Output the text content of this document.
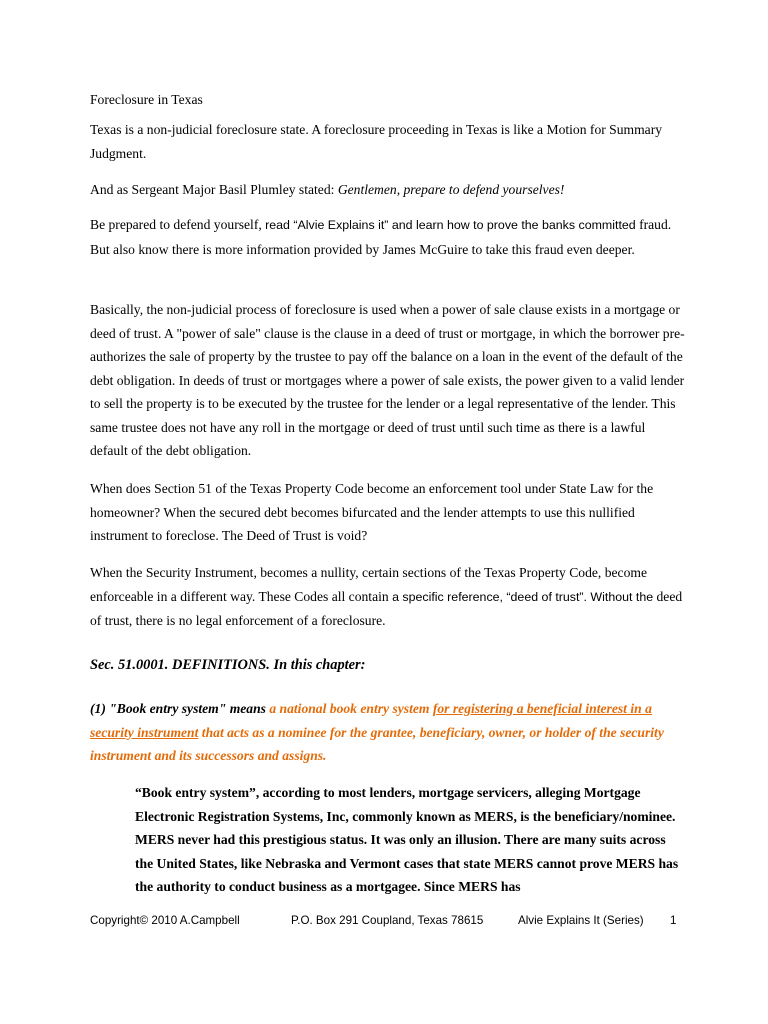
Foreclosure in Texas

Texas is a non-judicial foreclosure state. A foreclosure proceeding in Texas is like a Motion for Summary Judgment.

And as Sergeant Major Basil Plumley stated: Gentlemen, prepare to defend yourselves!

Be prepared to defend yourself, read “Alvie Explains it” and learn how to prove the banks committed fraud. But also know there is more information provided by James McGuire to take this fraud even deeper.

Basically, the non-judicial process of foreclosure is used when a power of sale clause exists in a mortgage or deed of trust. A "power of sale" clause is the clause in a deed of trust or mortgage, in which the borrower pre-authorizes the sale of property by the trustee to pay off the balance on a loan in the event of the default of the debt obligation. In deeds of trust or mortgages where a power of sale exists, the power given to a valid lender to sell the property is to be executed by the trustee for the lender or a legal representative of the lender. This same trustee does not have any roll in the mortgage or deed of trust until such time as there is a lawful default of the debt obligation.

When does Section 51 of the Texas Property Code become an enforcement tool under State Law for the homeowner? When the secured debt becomes bifurcated and the lender attempts to use this nullified instrument to foreclose. The Deed of Trust is void?

When the Security Instrument, becomes a nullity, certain sections of the Texas Property Code, become enforceable in a different way. These Codes all contain a specific reference, “deed of trust”. Without the deed of trust, there is no legal enforcement of a foreclosure.

Sec. 51.0001. DEFINITIONS. In this chapter:

(1) "Book entry system" means a national book entry system for registering a beneficial interest in a security instrument that acts as a nominee for the grantee, beneficiary, owner, or holder of the security instrument and its successors and assigns.

“Book entry system”, according to most lenders, mortgage servicers, alleging Mortgage Electronic Registration Systems, Inc, commonly known as MERS, is the beneficiary/nominee. MERS never had this prestigious status. It was only an illusion. There are many suits across the United States, like Nebraska and Vermont cases that state MERS cannot prove MERS has the authority to conduct business as a mortgagee. Since MERS has

Copyright© 2010 A.Campbell	P.O. Box 291 Coupland, Texas 78615	Alvie Explains It (Series) 1
